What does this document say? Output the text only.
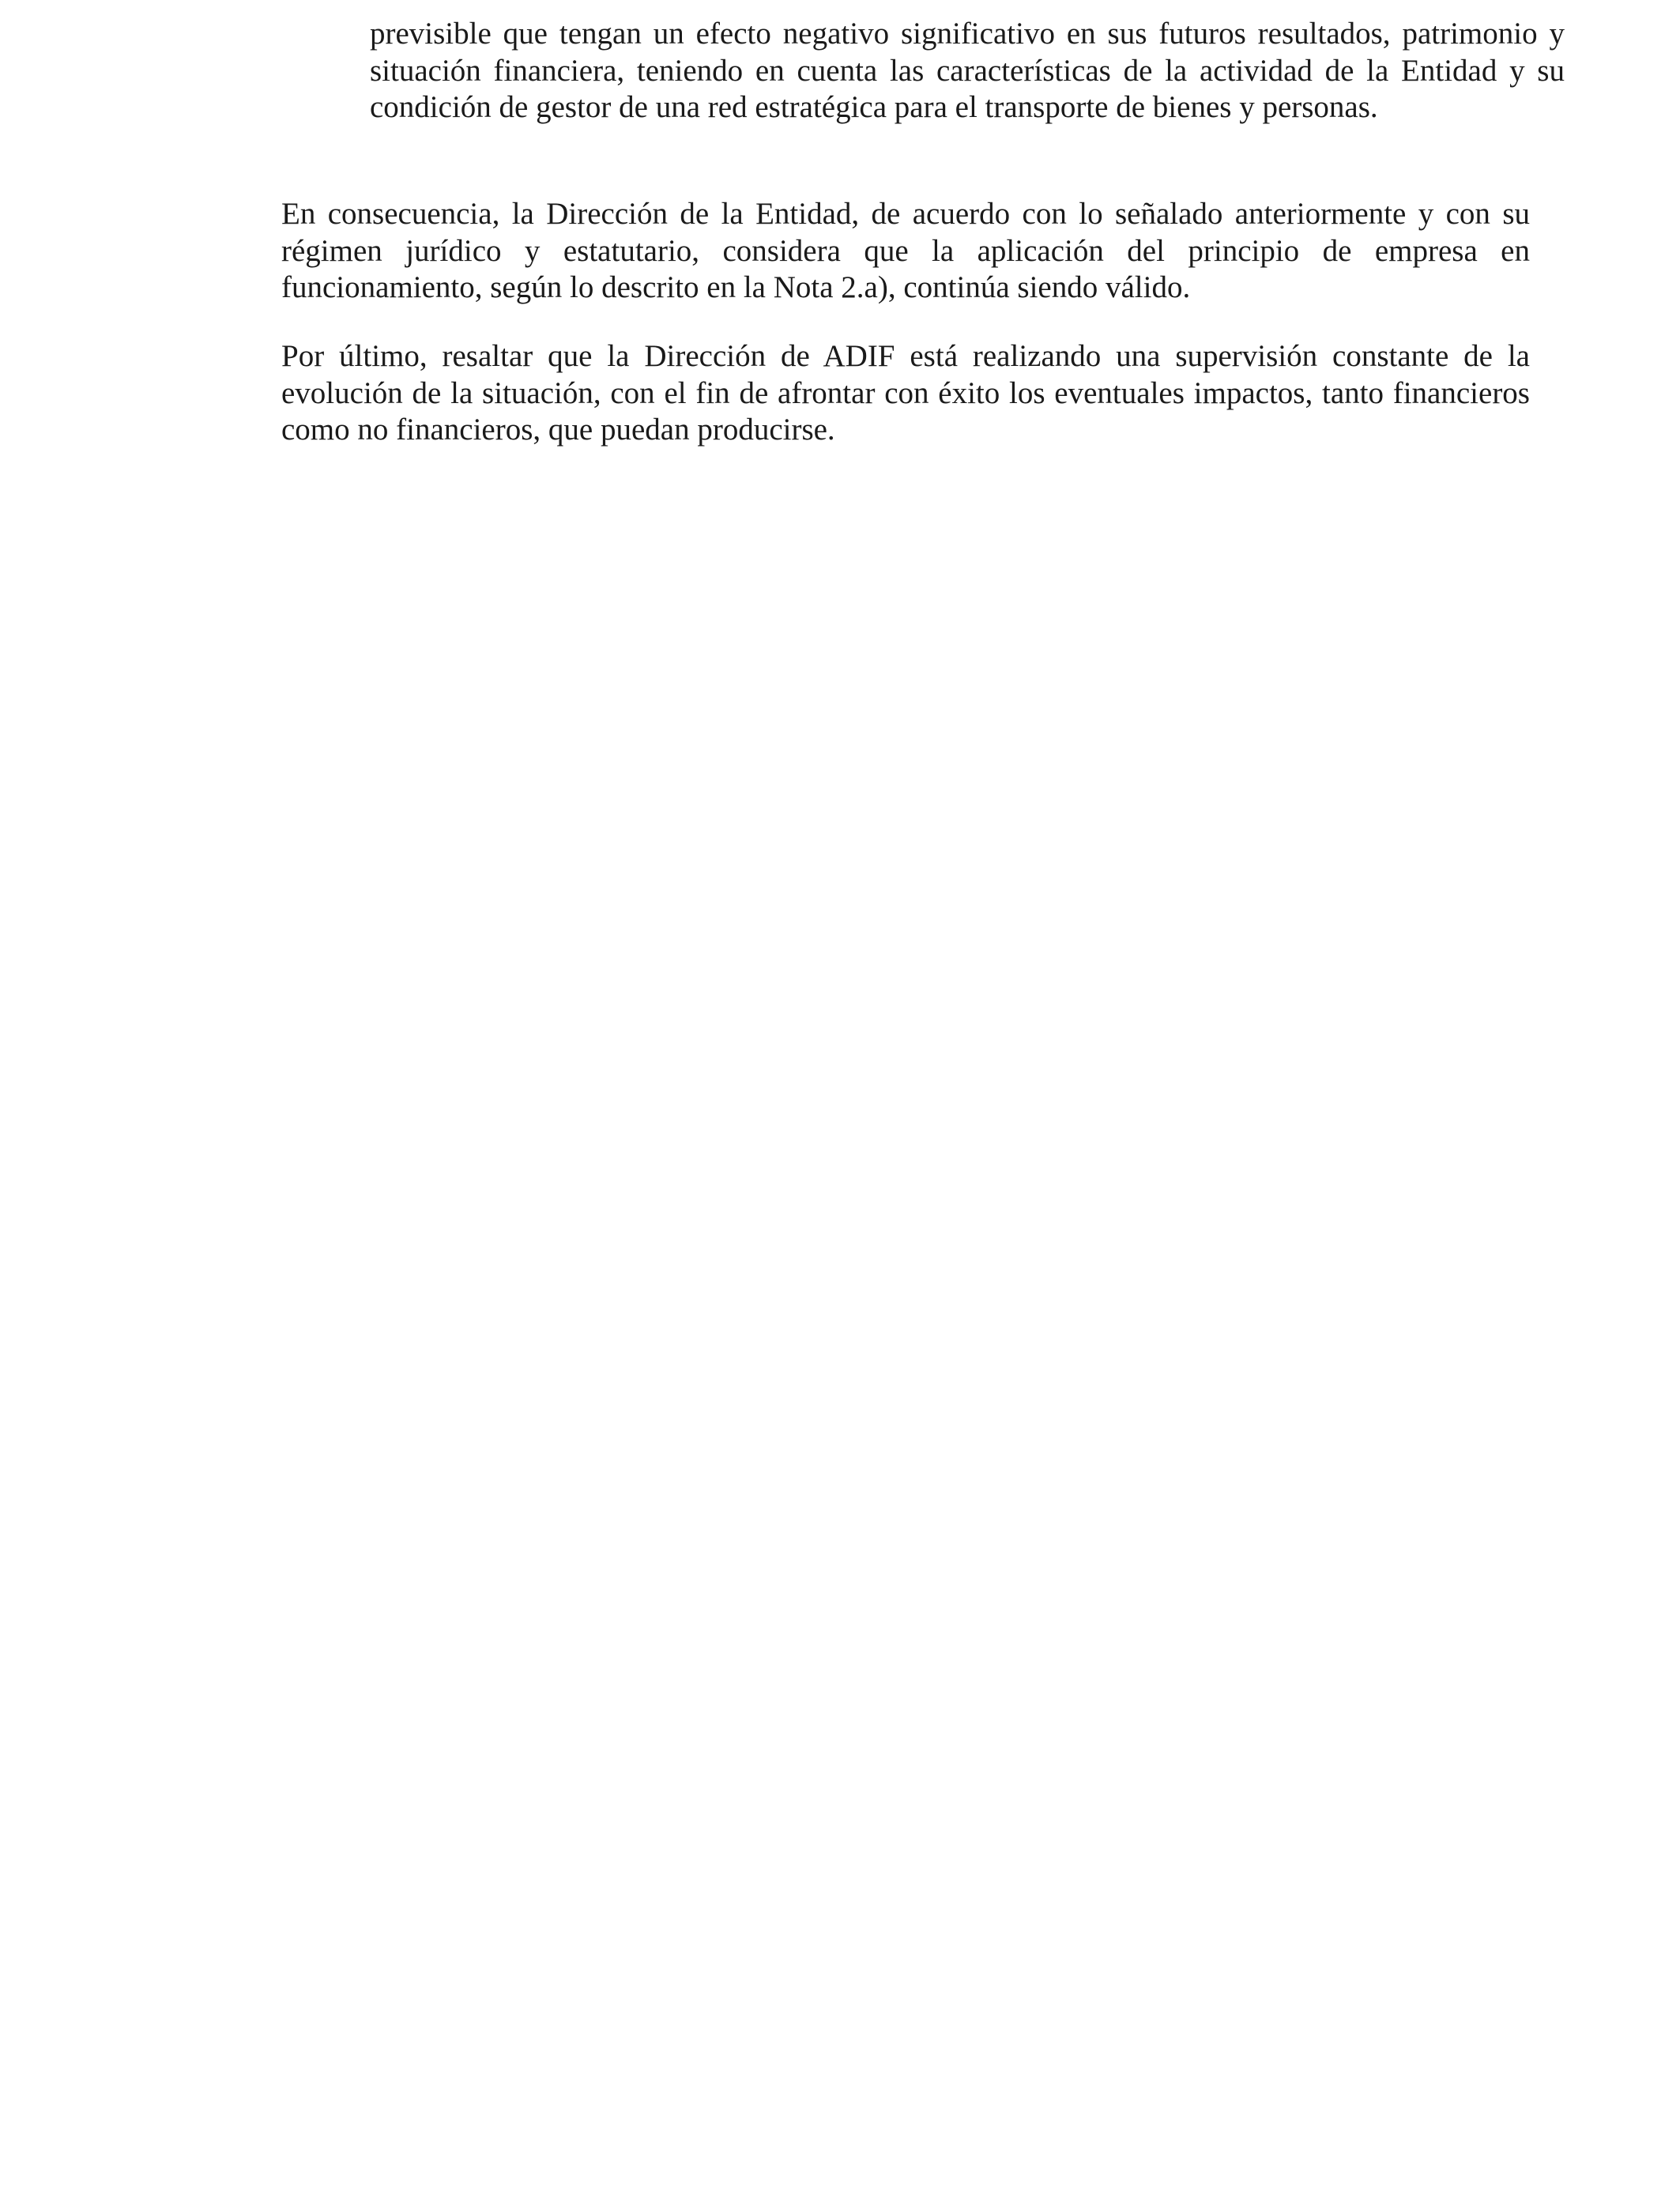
previsible que tengan un efecto negativo significativo en sus futuros resultados, patrimonio y situación financiera, teniendo en cuenta las características de la actividad de la Entidad y su condición de gestor de una red estratégica para el transporte de bienes y personas.

En consecuencia, la Dirección de la Entidad, de acuerdo con lo señalado anteriormente y con su régimen jurídico y estatutario, considera que la aplicación del principio de empresa en funcionamiento, según lo descrito en la Nota 2.a), continúa siendo válido.

Por último, resaltar que la Dirección de ADIF está realizando una supervisión constante de la evolución de la situación, con el fin de afrontar con éxito los eventuales impactos, tanto financieros como no financieros, que puedan producirse.
